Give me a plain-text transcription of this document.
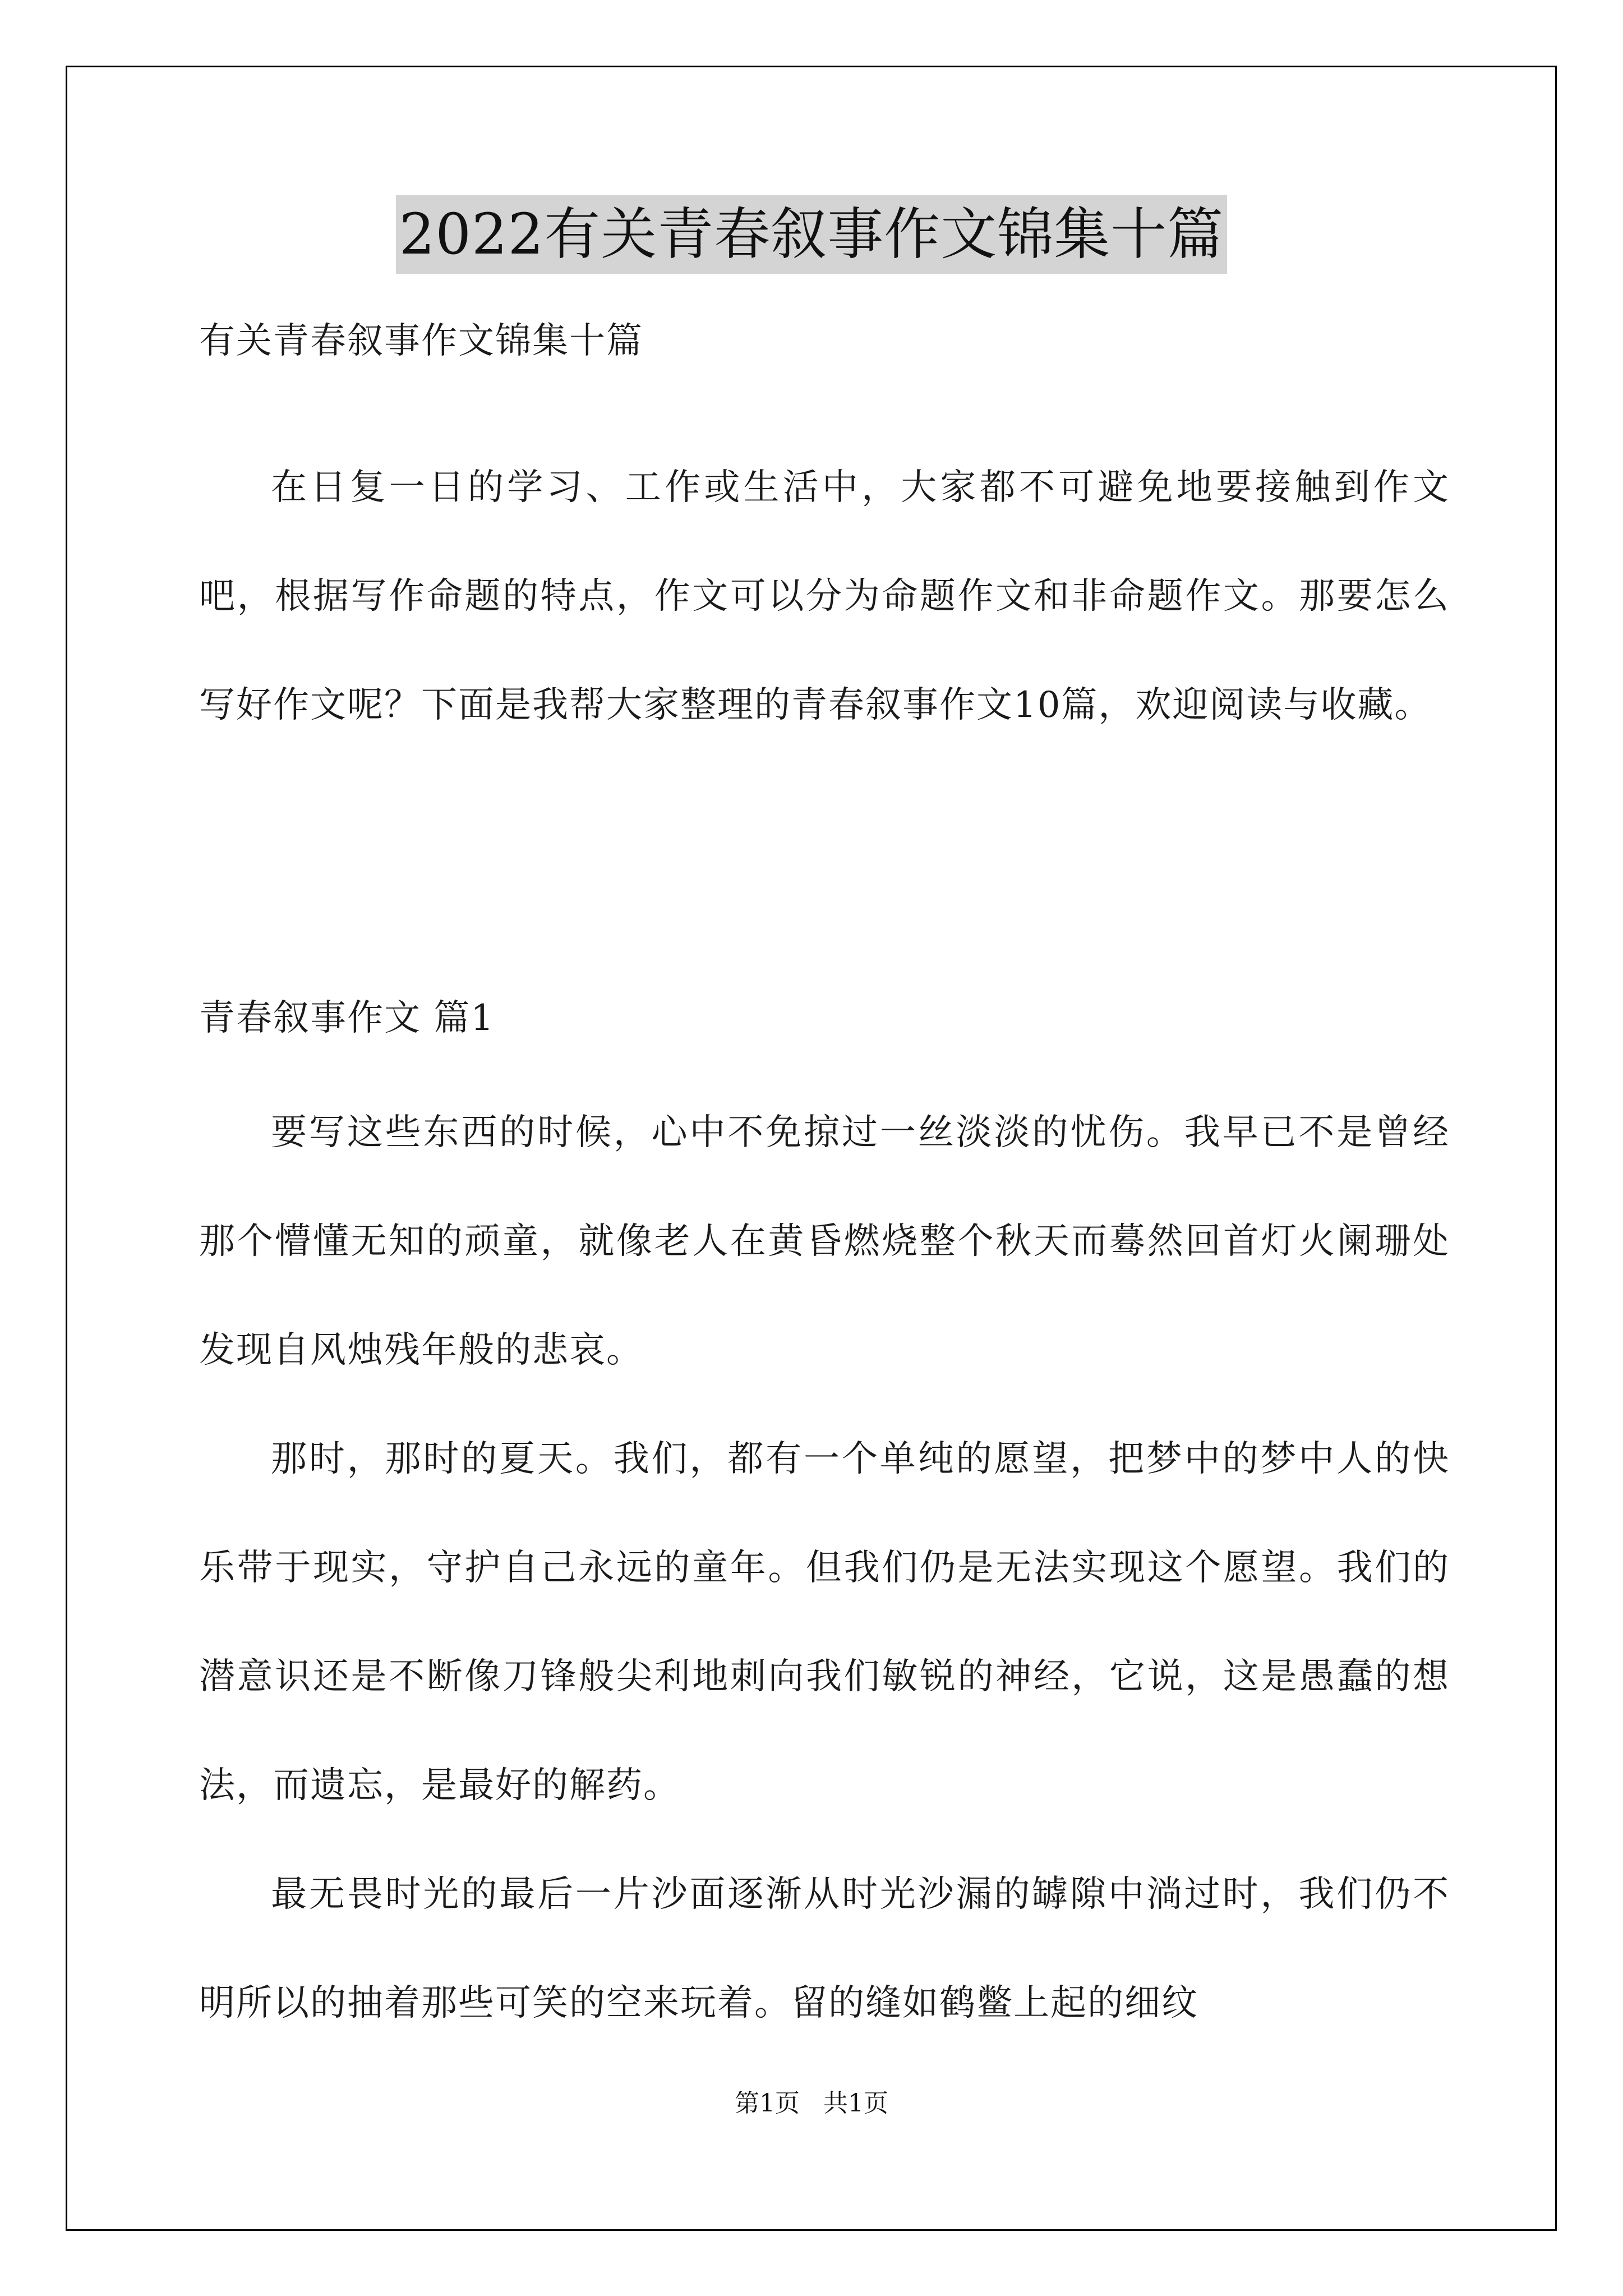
2022有关青春叙事作文锦集十篇
有关青春叙事作文锦集十篇

在日复一日的学习、工作或生活中，大家都不可避免地要接触到作文吧，根据写作命题的特点，作文可以分为命题作文和非命题作文。那要怎么写好作文呢？下面是我帮大家整理的青春叙事作文10篇，欢迎阅读与收藏。

青春叙事作文 篇1

要写这些东西的时候，心中不免掠过一丝淡淡的忧伤。我早已不是曾经那个懵懂无知的顽童，就像老人在黄昏燃烧整个秋天而蓦然回首灯火阑珊处发现自风烛残年般的悲哀。

那时，那时的夏天。我们，都有一个单纯的愿望，把梦中的梦中人的快乐带于现实，守护自己永远的童年。但我们仍是无法实现这个愿望。我们的潜意识还是不断像刀锋般尖利地刺向我们敏锐的神经，它说，这是愚蠢的想法，而遗忘，是最好的解药。

最无畏时光的最后一片沙面逐渐从时光沙漏的罅隙中淌过时，我们仍不明所以的抽着那些可笑的空来玩着。留的缝如鹤鳖上起的细纹

第1页 共1页
